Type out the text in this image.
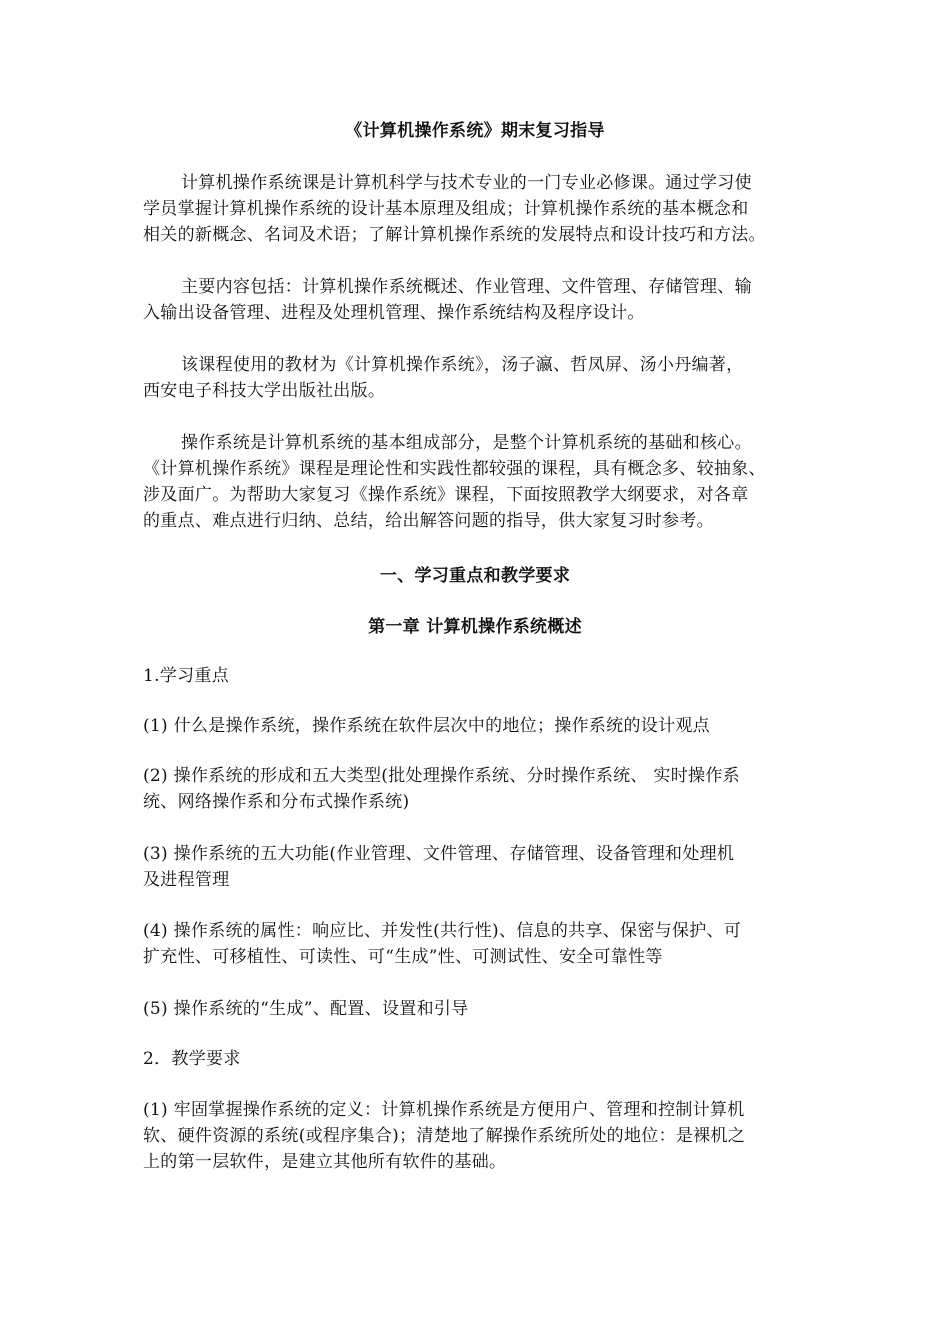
《计算机操作系统》期末复习指导
计算机操作系统课是计算机科学与技术专业的一门专业必修课。通过学习使
学员掌握计算机操作系统的设计基本原理及组成；计算机操作系统的基本概念和
相关的新概念、名词及术语；了解计算机操作系统的发展特点和设计技巧和方法。
主要内容包括：计算机操作系统概述、作业管理、文件管理、存储管理、输
入输出设备管理、进程及处理机管理、操作系统结构及程序设计。
该课程使用的教材为《计算机操作系统》，汤子瀛、哲凤屏、汤小丹编著，
西安电子科技大学出版社出版。
操作系统是计算机系统的基本组成部分，是整个计算机系统的基础和核心。
《计算机操作系统》课程是理论性和实践性都较强的课程，具有概念多、较抽象、
涉及面广。为帮助大家复习《操作系统》课程，下面按照教学大纲要求，对各章
的重点、难点进行归纳、总结，给出解答问题的指导，供大家复习时参考。
一、学习重点和教学要求
第一章 计算机操作系统概述
1.学习重点
(1) 什么是操作系统，操作系统在软件层次中的地位；操作系统的设计观点
(2) 操作系统的形成和五大类型(批处理操作系统、分时操作系统、 实时操作系
统、网络操作系和分布式操作系统)
(3) 操作系统的五大功能(作业管理、文件管理、存储管理、设备管理和处理机
及进程管理
(4) 操作系统的属性：响应比、并发性(共行性)、信息的共享、保密与保护、可
扩充性、可移植性、可读性、可“生成”性、可测试性、安全可靠性等
(5) 操作系统的“生成”、配置、设置和引导
2．教学要求
(1) 牢固掌握操作系统的定义：计算机操作系统是方便用户、管理和控制计算机
软、硬件资源的系统(或程序集合)；清楚地了解操作系统所处的地位：是裸机之
上的第一层软件，是建立其他所有软件的基础。
